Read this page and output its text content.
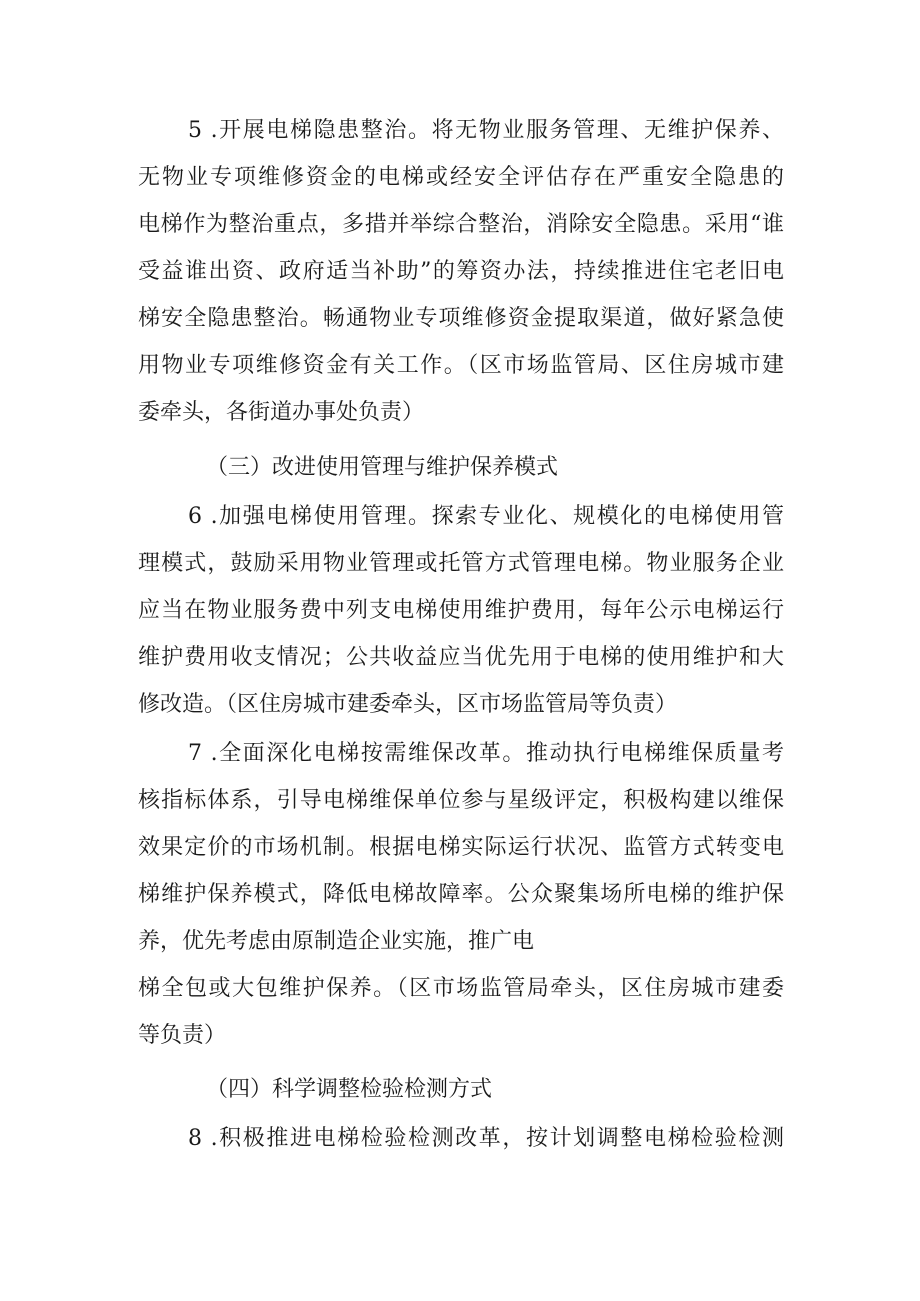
5 .开展电梯隐患整治。将无物业服务管理、无维护保养、
无物业专项维修资金的电梯或经安全评估存在严重安全隐患的
电梯作为整治重点，多措并举综合整治，消除安全隐患。采用“谁
受益谁出资、政府适当补助”的筹资办法，持续推进住宅老旧电
梯安全隐患整治。畅通物业专项维修资金提取渠道，做好紧急使
用物业专项维修资金有关工作。（区市场监管局、区住房城市建
委牵头，各街道办事处负责）
（三）改进使用管理与维护保养模式
6 .加强电梯使用管理。探索专业化、规模化的电梯使用管
理模式，鼓励采用物业管理或托管方式管理电梯。物业服务企业
应当在物业服务费中列支电梯使用维护费用，每年公示电梯运行
维护费用收支情况；公共收益应当优先用于电梯的使用维护和大
修改造。（区住房城市建委牵头，区市场监管局等负责）
7 .全面深化电梯按需维保改革。推动执行电梯维保质量考
核指标体系，引导电梯维保单位参与星级评定，积极构建以维保
效果定价的市场机制。根据电梯实际运行状况、监管方式转变电
梯维护保养模式，降低电梯故障率。公众聚集场所电梯的维护保
养，优先考虑由原制造企业实施，推广电
梯全包或大包维护保养。（区市场监管局牵头，区住房城市建委
等负责）
（四）科学调整检验检测方式
8 .积极推进电梯检验检测改革，按计划调整电梯检验检测
